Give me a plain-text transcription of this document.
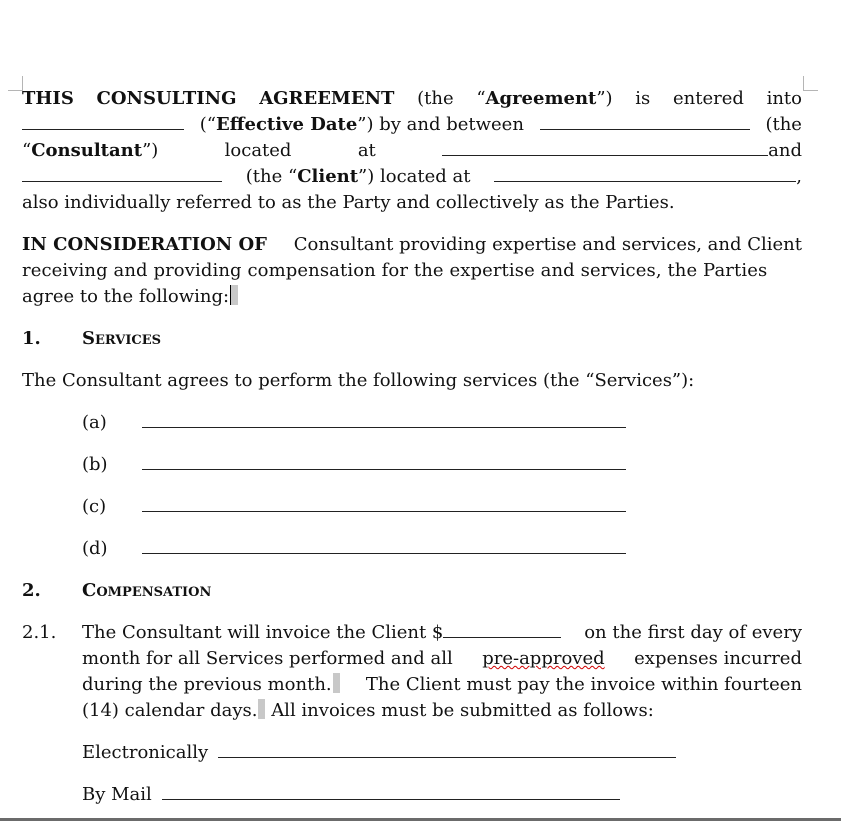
THIS CONSULTING AGREEMENT (the “Agreement”) is entered into
(“Effective Date”) by and between	(the
“Consultant”)	located	at	and
(the “Client”) located at	,
also individually referred to as the Party and collectively as the Parties.
IN CONSIDERATION OF Consultant providing expertise and services, and Client
receiving and providing compensation for the expertise and services, the Parties
agree to the following:
1. Services
The Consultant agrees to perform the following services (the “Services”):
(a)
(b)
(c)
(d)
2. Compensation
2.1.	The Consultant will invoice the Client $	on the first day of every
month for all Services performed and all pre-approved expenses incurred
during the previous month.	The Client must pay the invoice within fourteen
(14) calendar days. All invoices must be submitted as follows:
Electronically
By Mail
